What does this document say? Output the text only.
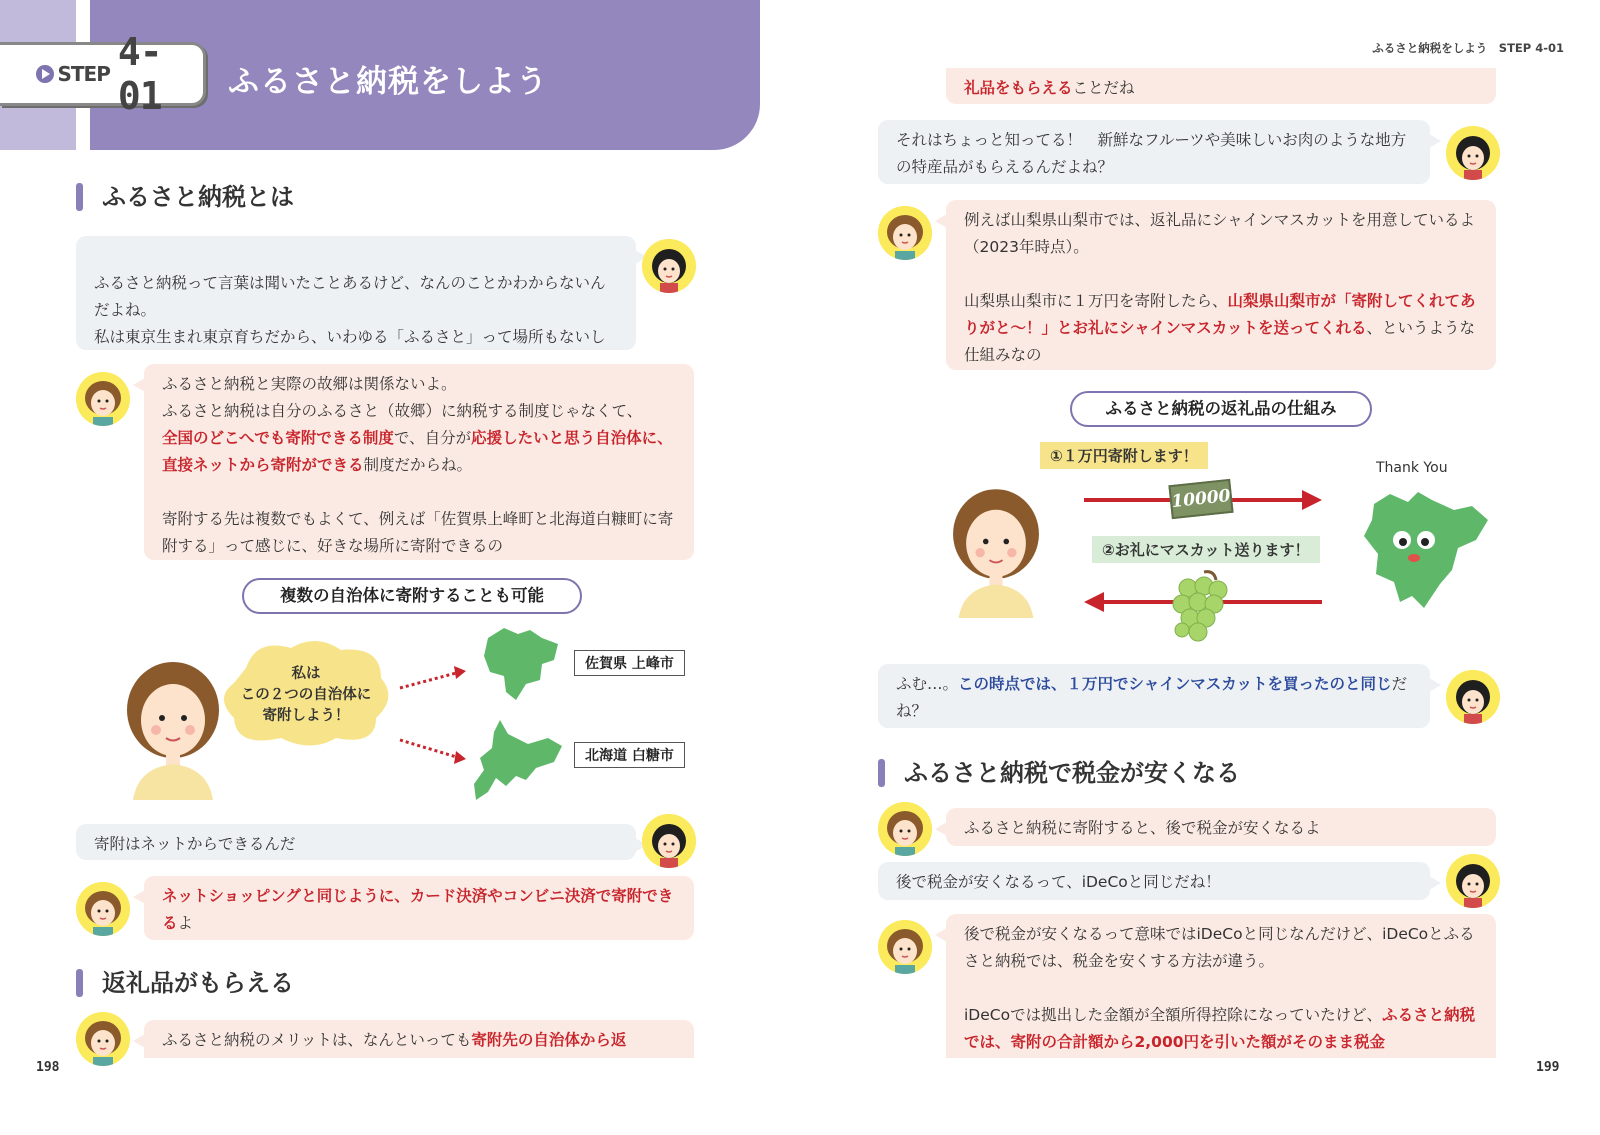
STEP 4-01	ふるさと納税をしよう
ふるさと納税とは

ふるさと納税って言葉は聞いたことあるけど、なんのことかわからないんだよね。
私は東京生まれ東京育ちだから、いわゆる「ふるさと」って場所もないし

ふるさと納税と実際の故郷は関係ないよ。
ふるさと納税は自分のふるさと（故郷）に納税する制度じゃなくて、
全国のどこへでも寄附できる制度で、自分が応援したいと思う自治体に、直接ネットから寄附ができる制度だからね。
寄附する先は複数でもよくて、例えば「佐賀県上峰町と北海道白糠町に寄附する」って感じに、好きな場所に寄附できるの
複数の自治体に寄附することも可能
私は
この２つの自治体に
寄附しよう！
佐賀県 上峰市
北海道 白糖市
寄附はネットからできるんだ
ネットショッピングと同じように、カード決済やコンビニ決済で寄附できるよ
返礼品がもらえる
ふるさと納税のメリットは、なんといっても寄附先の自治体から返
198
ふるさと納税をしよう　STEP 4-01
礼品をもらえることだね
それはちょっと知ってる！　新鮮なフルーツや美味しいお肉のような地方の特産品がもらえるんだよね？
例えば山梨県山梨市では、返礼品にシャインマスカットを用意しているよ（2023年時点）。
山梨県山梨市に１万円を寄附したら、山梨県山梨市が「寄附してくれてありがと～！」とお礼にシャインマスカットを送ってくれる、というような仕組みなの
ふるさと納税の返礼品の仕組み
①１万円寄附します！
10000
Thank You
②お礼にマスカット送ります！
ふむ…。この時点では、１万円でシャインマスカットを買ったのと同じだね？
ふるさと納税で税金が安くなる
ふるさと納税に寄附すると、後で税金が安くなるよ
後で税金が安くなるって、iDeCoと同じだね！
後で税金が安くなるって意味ではiDeCoと同じなんだけど、iDeCoとふるさと納税では、税金を安くする方法が違う。
iDeCoでは拠出した金額が全額所得控除になっていたけど、ふるさと納税では、寄附の合計額から2,000円を引いた額がそのまま税金
199
